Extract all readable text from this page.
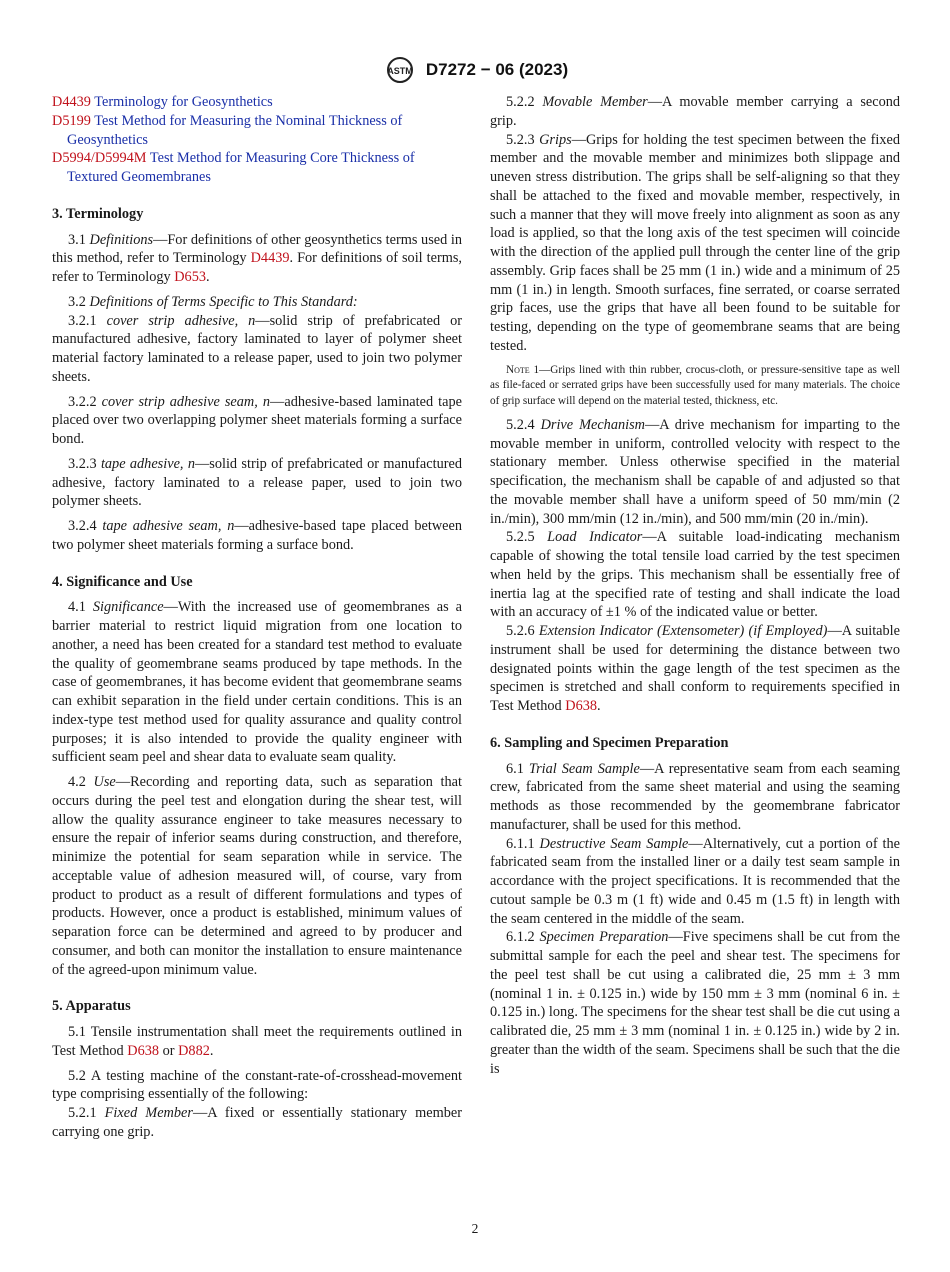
ASTM D7272 − 06 (2023)

D4439 Terminology for Geosynthetics

D5199 Test Method for Measuring the Nominal Thickness of Geosynthetics

D5994/D5994M Test Method for Measuring Core Thickness of Textured Geomembranes

3. Terminology

3.1 Definitions—For definitions of other geosynthetics terms used in this method, refer to Terminology D4439. For definitions of soil terms, refer to Terminology D653.

3.2 Definitions of Terms Specific to This Standard:

3.2.1 cover strip adhesive, n—solid strip of prefabricated or manufactured adhesive, factory laminated to layer of polymer sheet material factory laminated to a release paper, used to join two polymer sheets.

3.2.2 cover strip adhesive seam, n—adhesive-based laminated tape placed over two overlapping polymer sheet materials forming a surface bond.

3.2.3 tape adhesive, n—solid strip of prefabricated or manufactured adhesive, factory laminated to a release paper, used to join two polymer sheets.

3.2.4 tape adhesive seam, n—adhesive-based tape placed between two polymer sheet materials forming a surface bond.

4. Significance and Use

4.1 Significance—With the increased use of geomembranes as a barrier material to restrict liquid migration from one location to another, a need has been created for a standard test method to evaluate the quality of geomembrane seams produced by tape methods. In the case of geomembranes, it has become evident that geomembrane seams can exhibit separation in the field under certain conditions. This is an index-type test method used for quality assurance and quality control purposes; it is also intended to provide the quality engineer with sufficient seam peel and shear data to evaluate seam quality.

4.2 Use—Recording and reporting data, such as separation that occurs during the peel test and elongation during the shear test, will allow the quality assurance engineer to take measures necessary to ensure the repair of inferior seams during construction, and therefore, minimize the potential for seam separation while in service. The acceptable value of adhesion measured will, of course, vary from product to product as a result of different formulations and types of products. However, once a product is established, minimum values of separation force can be determined and agreed to by producer and consumer, and both can monitor the installation to ensure maintenance of the agreed-upon minimum value.

5. Apparatus

5.1 Tensile instrumentation shall meet the requirements outlined in Test Method D638 or D882.

5.2 A testing machine of the constant-rate-of-crosshead-movement type comprising essentially of the following:

5.2.1 Fixed Member—A fixed or essentially stationary member carrying one grip.

5.2.2 Movable Member—A movable member carrying a second grip.

5.2.3 Grips—Grips for holding the test specimen between the fixed member and the movable member and minimizes both slippage and uneven stress distribution. The grips shall be self-aligning so that they shall be attached to the fixed and movable member, respectively, in such a manner that they will move freely into alignment as soon as any load is applied, so that the long axis of the test specimen will coincide with the direction of the applied pull through the center line of the grip assembly. Grip faces shall be 25 mm (1 in.) wide and a minimum of 25 mm (1 in.) in length. Smooth surfaces, fine serrated, or coarse serrated grip faces, use the grips that have all been found to be suitable for testing, depending on the type of geomembrane seams that are being tested.

Note 1—Grips lined with thin rubber, crocus-cloth, or pressure-sensitive tape as well as file-faced or serrated grips have been successfully used for many materials. The choice of grip surface will depend on the material tested, thickness, etc.

5.2.4 Drive Mechanism—A drive mechanism for imparting to the movable member in uniform, controlled velocity with respect to the stationary member. Unless otherwise specified in the material specification, the mechanism shall be capable of and adjusted so that the movable member shall have a uniform speed of 50 mm/min (2 in./min), 300 mm/min (12 in./min), and 500 mm/min (20 in./min).

5.2.5 Load Indicator—A suitable load-indicating mechanism capable of showing the total tensile load carried by the test specimen when held by the grips. This mechanism shall be essentially free of inertia lag at the specified rate of testing and shall indicate the load with an accuracy of ±1 % of the indicated value or better.

5.2.6 Extension Indicator (Extensometer) (if Employed)—A suitable instrument shall be used for determining the distance between two designated points within the gage length of the test specimen as the specimen is stretched and shall conform to requirements specified in Test Method D638.

6. Sampling and Specimen Preparation

6.1 Trial Seam Sample—A representative seam from each seaming crew, fabricated from the same sheet material and using the seaming methods as those recommended by the geomembrane fabricator manufacturer, shall be used for this method.

6.1.1 Destructive Seam Sample—Alternatively, cut a portion of the fabricated seam from the installed liner or a daily test seam sample in accordance with the project specifications. It is recommended that the cutout sample be 0.3 m (1 ft) wide and 0.45 m (1.5 ft) in length with the seam centered in the middle of the seam.

6.1.2 Specimen Preparation—Five specimens shall be cut from the submittal sample for each the peel and shear test. The specimens for the peel test shall be cut using a calibrated die, 25 mm ± 3 mm (nominal 1 in. ± 0.125 in.) wide by 150 mm ± 3 mm (nominal 6 in. ± 0.125 in.) long. The specimens for the shear test shall be die cut using a calibrated die, 25 mm ± 3 mm (nominal 1 in. ± 0.125 in.) wide by 2 in. greater than the width of the seam. Specimens shall be such that the die is

2
